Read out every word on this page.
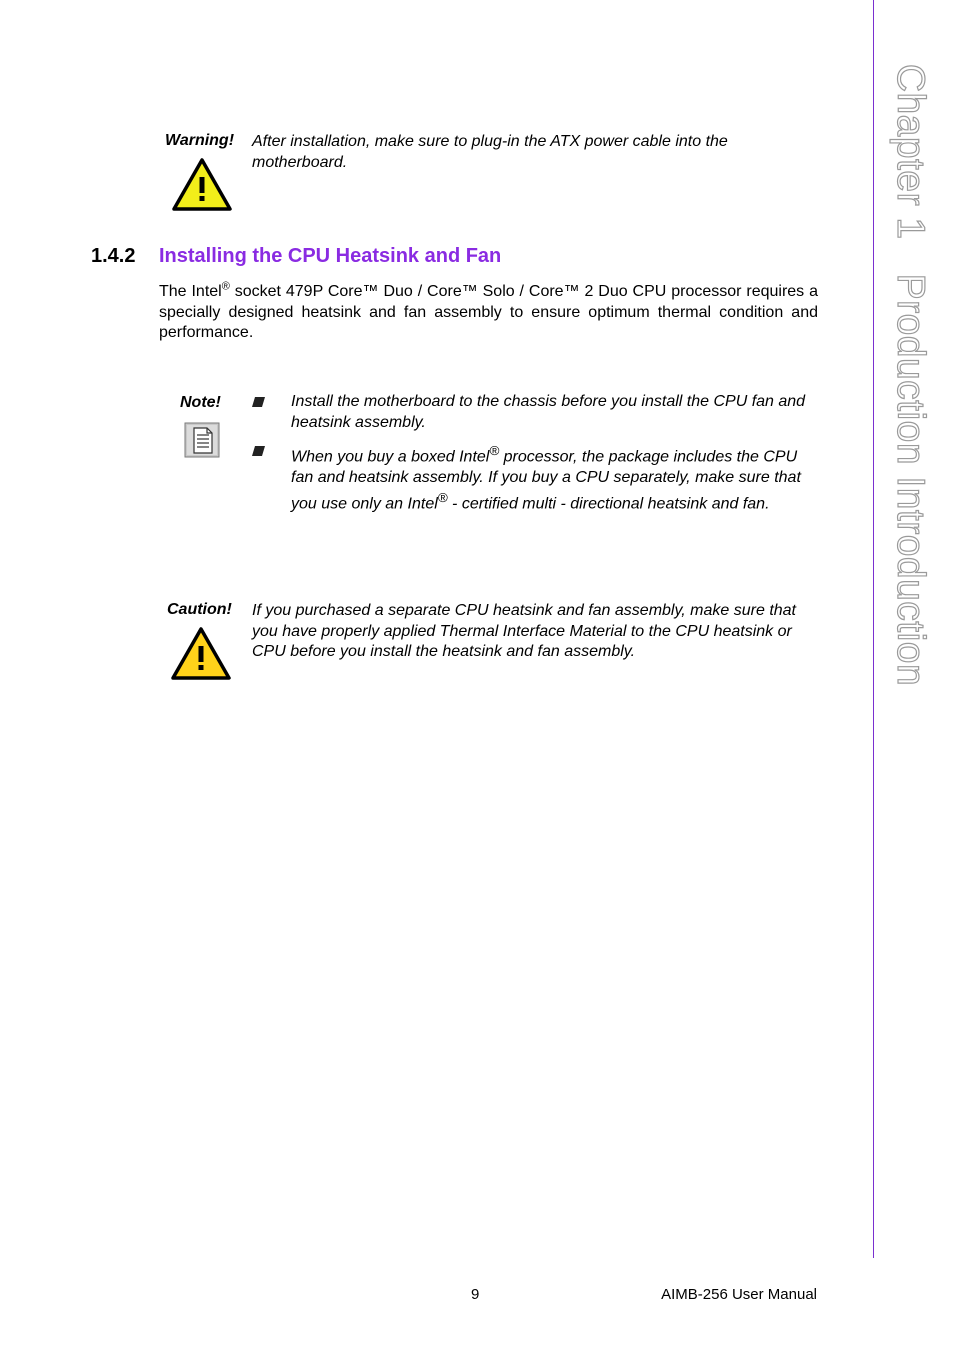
Chapter 1Production Introduction
Warning! After installation, make sure to plug-in the ATX power cable into the motherboard.
1.4.2 Installing the CPU Heatsink and Fan
The Intel® socket 479P Core™ Duo / Core™ Solo / Core™ 2 Duo CPU processor requires a specially designed heatsink and fan assembly to ensure optimum thermal condition and performance.
Note!	Install the motherboard to the chassis before you install the CPU fan and heatsink assembly.
When you buy a boxed Intel® processor, the package includes the CPU fan and heatsink assembly. If you buy a CPU separately, make sure that you use only an Intel® - certified multi - directional heatsink and fan.
Caution! If you purchased a separate CPU heatsink and fan assembly, make sure that you have properly applied Thermal Interface Material to the CPU heatsink or CPU before you install the heatsink and fan assembly.
9	AIMB-256 User Manual
